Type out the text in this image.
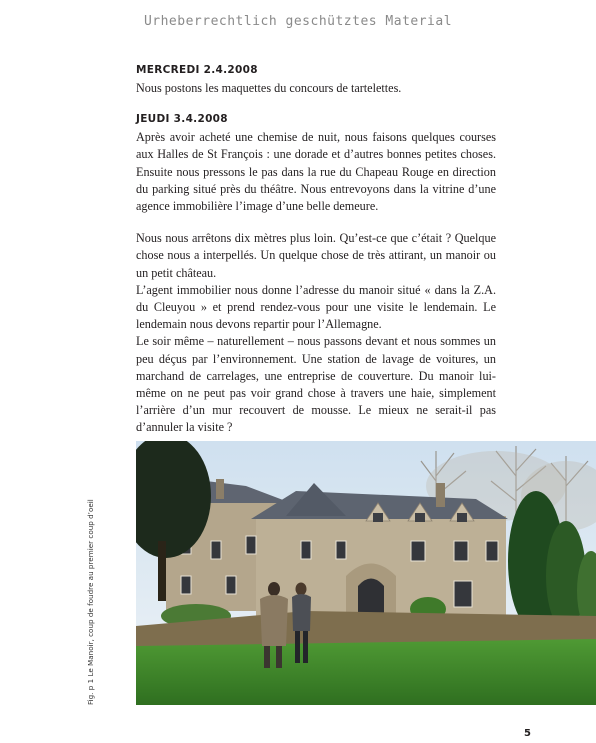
Urheberrechtlich geschütztes Material
MERCREDI 2.4.2008

Nous postons les maquettes du concours de tartelettes.

JEUDI 3.4.2008

Après avoir acheté une chemise de nuit, nous faisons quelques courses aux Halles de St François : une dorade et d’autres bonnes petites choses. Ensuite nous pressons le pas dans la rue du Chapeau Rouge en direction du parking situé près du théâtre. Nous entrevoyons dans la vitrine d’une agence immobilière l’image d’une belle demeure.

Nous nous arrêtons dix mètres plus loin. Qu’est-ce que c’était ? Quelque chose nous a interpellés. Un quelque chose de très attirant, un manoir ou un petit château.

L’agent immobilier nous donne l’adresse du manoir situé « dans la Z.A. du Cleuyou » et prend rendez-vous pour une visite le lendemain. Le lendemain nous devons repartir pour l’Allemagne.

Le soir même – naturellement – nous passons devant et nous sommes un peu déçus par l’environnement. Une station de lavage de voitures, un marchand de carrelages, une entreprise de couverture. Du manoir lui-même on ne peut pas voir grand chose à travers une haie, simplement l’arrière d’un mur recouvert de mousse. Le mieux ne serait-il pas d’annuler la visite ?

Fig. p 1 Le Manoir, coup de foudre au premier coup d’oeil
5
